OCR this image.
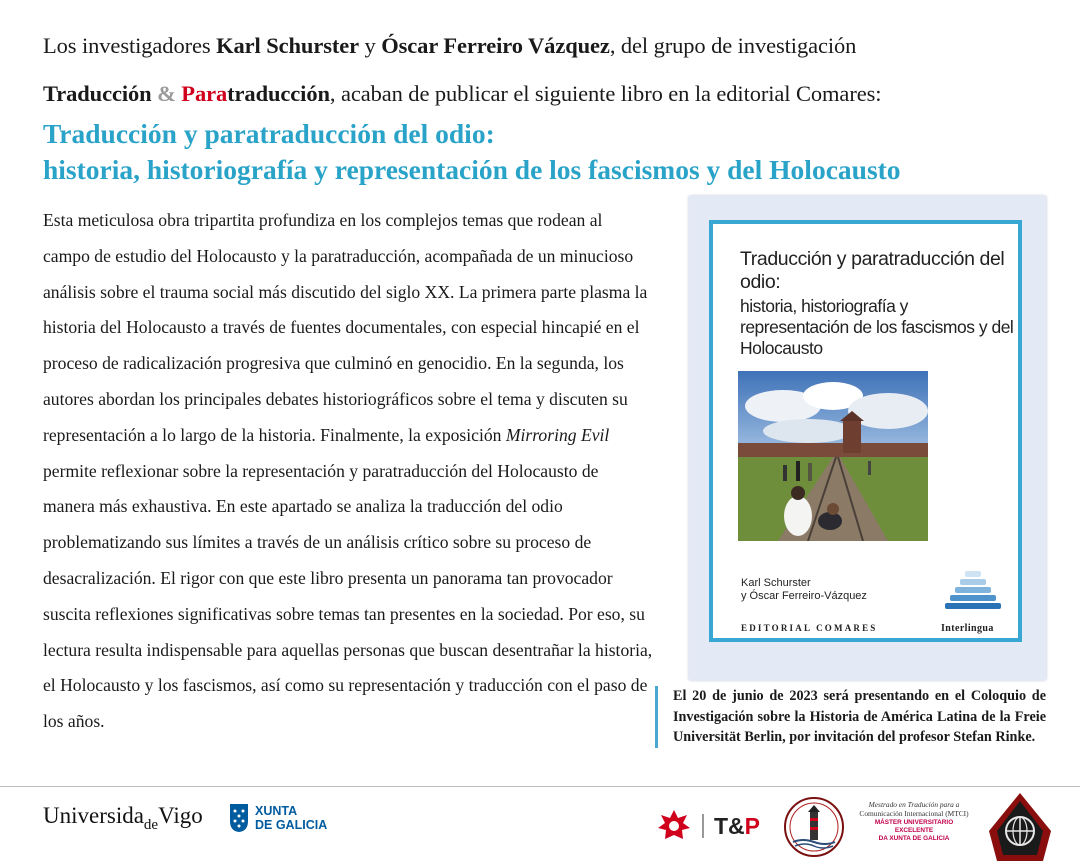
Los investigadores Karl Schurster y Óscar Ferreiro Vázquez, del grupo de investigación
Traducción & Paratraducción, acaban de publicar el siguiente libro en la editorial Comares:
Traducción y paratraducción del odio:
historia, historiografía y representación de los fascismos y del Holocausto
Esta meticulosa obra tripartita profundiza en los complejos temas que rodean al campo de estudio del Holocausto y la paratraducción, acompañada de un minucioso análisis sobre el trauma social más discutido del siglo XX. La primera parte plasma la historia del Holocausto a través de fuentes documentales, con especial hincapié en el proceso de radicalización progresiva que culminó en genocidio. En la segunda, los autores abordan los principales debates historiográficos sobre el tema y discuten su representación a lo largo de la historia. Finalmente, la exposición Mirroring Evil permite reflexionar sobre la representación y paratraducción del Holocausto de manera más exhaustiva. En este apartado se analiza la traducción del odio problematizando sus límites a través de un análisis crítico sobre su proceso de desacralización. El rigor con que este libro presenta un panorama tan provocador suscita reflexiones significativas sobre temas tan presentes en la sociedad. Por eso, su lectura resulta indispensable para aquellas personas que buscan desentrañar la historia, el Holocausto y los fascismos, así como su representación y traducción con el paso de los años.
Traducción y paratraducción del odio:
historia, historiografía y representación de los fascismos y del Holocausto
Karl Schurster
y Óscar Ferreiro-Vázquez
EDITORIAL COMARES	Interlingua
El 20 de junio de 2023 será presentando en el Coloquio de Investigación sobre la Historia de América Latina de la Freie Universität Berlin, por invitación del profesor Stefan Rinke.
Universida$_{de}$Vigo	XUNTA
DE GALICIA	T&P
Mestrado en Tradución para a
Comunicación Internacional (MTCI)
MÁSTER UNIVERSITARIO EXCELENTE
DA XUNTA DE GALICIA
